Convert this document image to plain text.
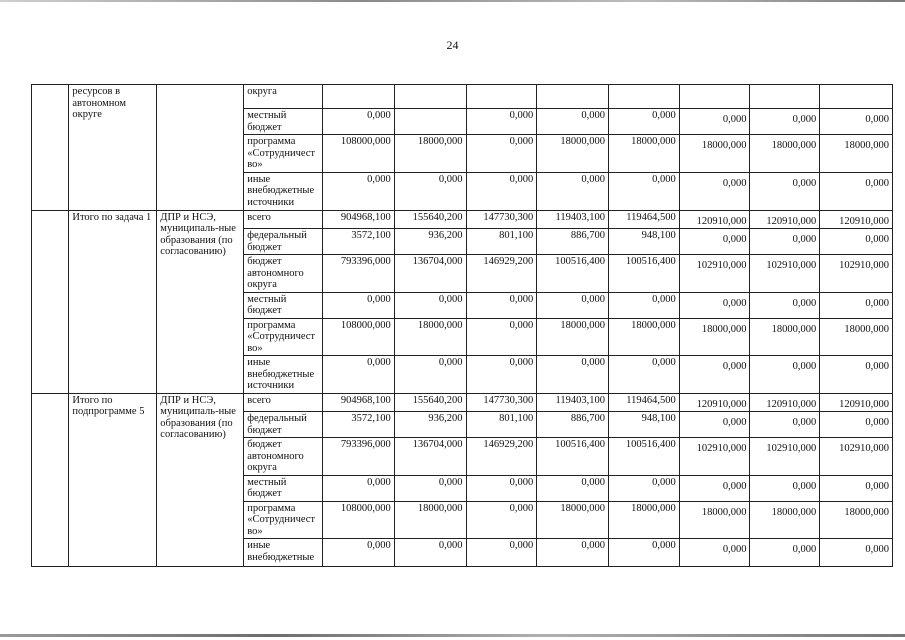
24
	ресурсов в автономном округе		округа						

			местный бюджет	0,000		0,000	0,000	0,000	0,000	0,000	0,000

			программа «Сотрудничест во»	108000,000	18000,000	0,000	18000,000	18000,000	18000,000	18000,000	18000,000

			иные внебюджетные источники	0,000	0,000	0,000	0,000	0,000	0,000	0,000	0,000

	Итого по задача 1	ДПР и НСЭ, муниципаль-ные образования (по согласованию)	всего	904968,100	155640,200	147730,300	119403,100	119464,500	120910,000	120910,000	120910,000

			федеральный бюджет	3572,100	936,200	801,100	886,700	948,100	0,000	0,000	0,000

			бюджет автономного округа	793396,000	136704,000	146929,200	100516,400	100516,400	102910,000	102910,000	102910,000

			местный бюджет	0,000	0,000	0,000	0,000	0,000	0,000	0,000	0,000

			программа «Сотрудничест во»	108000,000	18000,000	0,000	18000,000	18000,000	18000,000	18000,000	18000,000

			иные внебюджетные источники	0,000	0,000	0,000	0,000	0,000	0,000	0,000	0,000

	Итого по подпрограмме 5	ДПР и НСЭ, муниципаль-ные образования (по согласованию)	всего	904968,100	155640,200	147730,300	119403,100	119464,500	120910,000	120910,000	120910,000

			федеральный бюджет	3572,100	936,200	801,100	886,700	948,100	0,000	0,000	0,000

			бюджет автономного округа	793396,000	136704,000	146929,200	100516,400	100516,400	102910,000	102910,000	102910,000

			местный бюджет	0,000	0,000	0,000	0,000	0,000	0,000	0,000	0,000

			программа «Сотрудничест во»	108000,000	18000,000	0,000	18000,000	18000,000	18000,000	18000,000	18000,000

			иные внебюджетные	0,000	0,000	0,000	0,000	0,000	0,000	0,000	0,000
